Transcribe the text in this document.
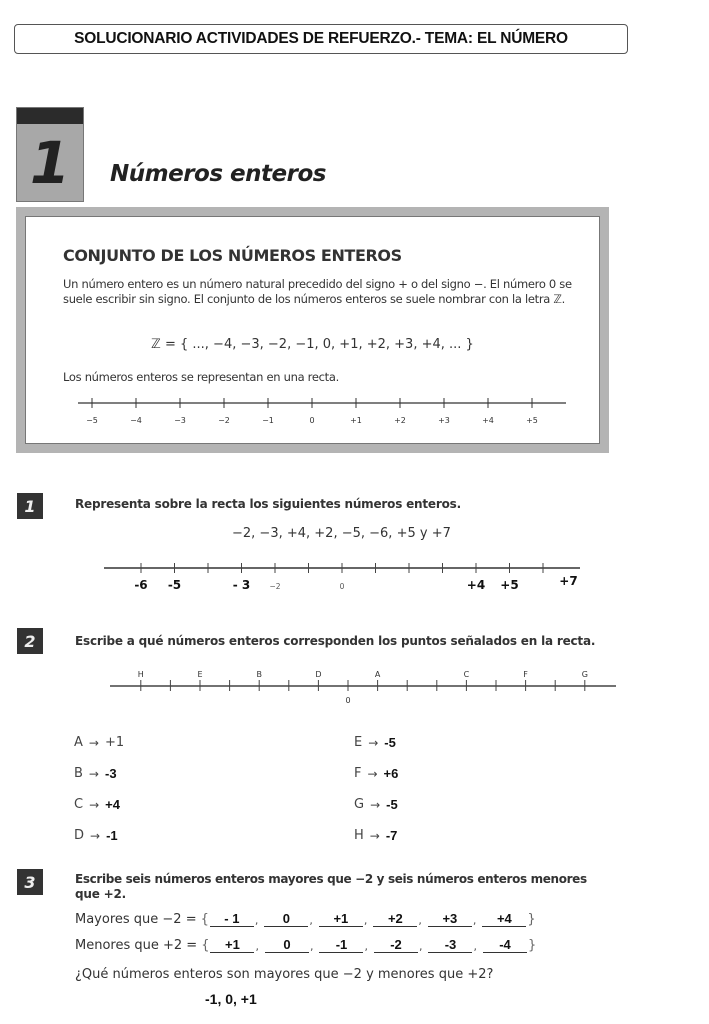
SOLUCIONARIO ACTIVIDADES DE REFUERZO.- TEMA: EL NÚMERO
1	Números enteros
CONJUNTO DE LOS NÚMEROS ENTEROS
Un número entero es un número natural precedido del signo + o del signo −. El número 0 se suele escribir sin signo. El conjunto de los números enteros se suele nombrar con la letra ℤ.
ℤ = { ..., −4, −3, −2, −1, 0, +1, +2, +3, +4, ... }
Los números enteros se representan en una recta.
−5	−4	−3	−2	−1	0	+1	+2	+3	+4	+5
1	Representa sobre la recta los siguientes números enteros.
−2, −3, +4, +2, −5, −6, +5 y +7
−2	0
-6 -5	- 3	+4 +5	+7
2	Escribe a qué números enteros corresponden los puntos señalados en la recta.
H	E	B	D	A	C	F	G
0
A → +1
B → -3
C → +4
D → -1
E → -5
F → +6
G → -5
H → -7
3	Escribe seis números enteros mayores que −2 y seis números enteros menores
que +2.
Mayores que −2 = {	- 1	,	0	,	+1	,	+2	,	+3	,	+4	}
Menores que +2 = {	+1	,	0	,	-1	,	-2	,	-3	,	-4	}
¿Qué números enteros son mayores que −2 y menores que +2?
-1, 0, +1
